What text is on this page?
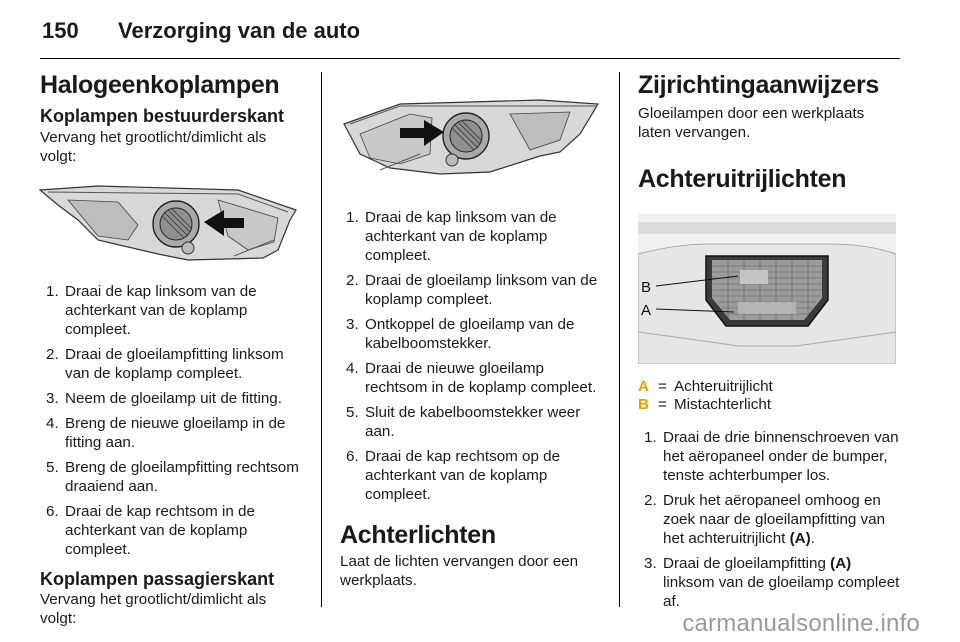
150 Verzorging van de auto
Halogeenkoplampen
Koplampen bestuurderskant

Vervang het grootlicht/dimlicht als volgt:

1. Draai de kap linksom van de achterkant van de koplamp compleet.
2. Draai de gloeilampfitting linksom van de koplamp compleet.
3. Neem de gloeilamp uit de fitting.
4. Breng de nieuwe gloeilamp in de fitting aan.
5. Breng de gloeilampfitting rechtsom draaiend aan.
6. Draai de kap rechtsom in de achterkant van de koplamp compleet.
Koplampen passagierskant

Vervang het grootlicht/dimlicht als volgt:

1. Draai de kap linksom van de achterkant van de koplamp compleet.
2. Draai de gloeilamp linksom van de koplamp compleet.
3. Ontkoppel de gloeilamp van de kabelboomstekker.
4. Draai de nieuwe gloeilamp rechtsom in de koplamp compleet.
5. Sluit de kabelboomstekker weer aan.
6. Draai de kap rechtsom op de achterkant van de koplamp compleet.
Achterlichten

Laat de lichten vervangen door een werkplaats.

Zijrichtingaanwijzers

Gloeilampen door een werkplaats laten vervangen.

Achteruitrijlichten
B
A
A = Achteruitrijlicht
B = Mistachterlicht
1. Draai de drie binnenschroeven van het aëropaneel onder de bumper, tenste achterbumper los.
2. Druk het aëropaneel omhoog en zoek naar de gloeilampfitting van het achteruitrijlicht (A).
3. Draai de gloeilampfitting (A) linksom van de gloeilamp compleet af.
carmanualsonline.info
